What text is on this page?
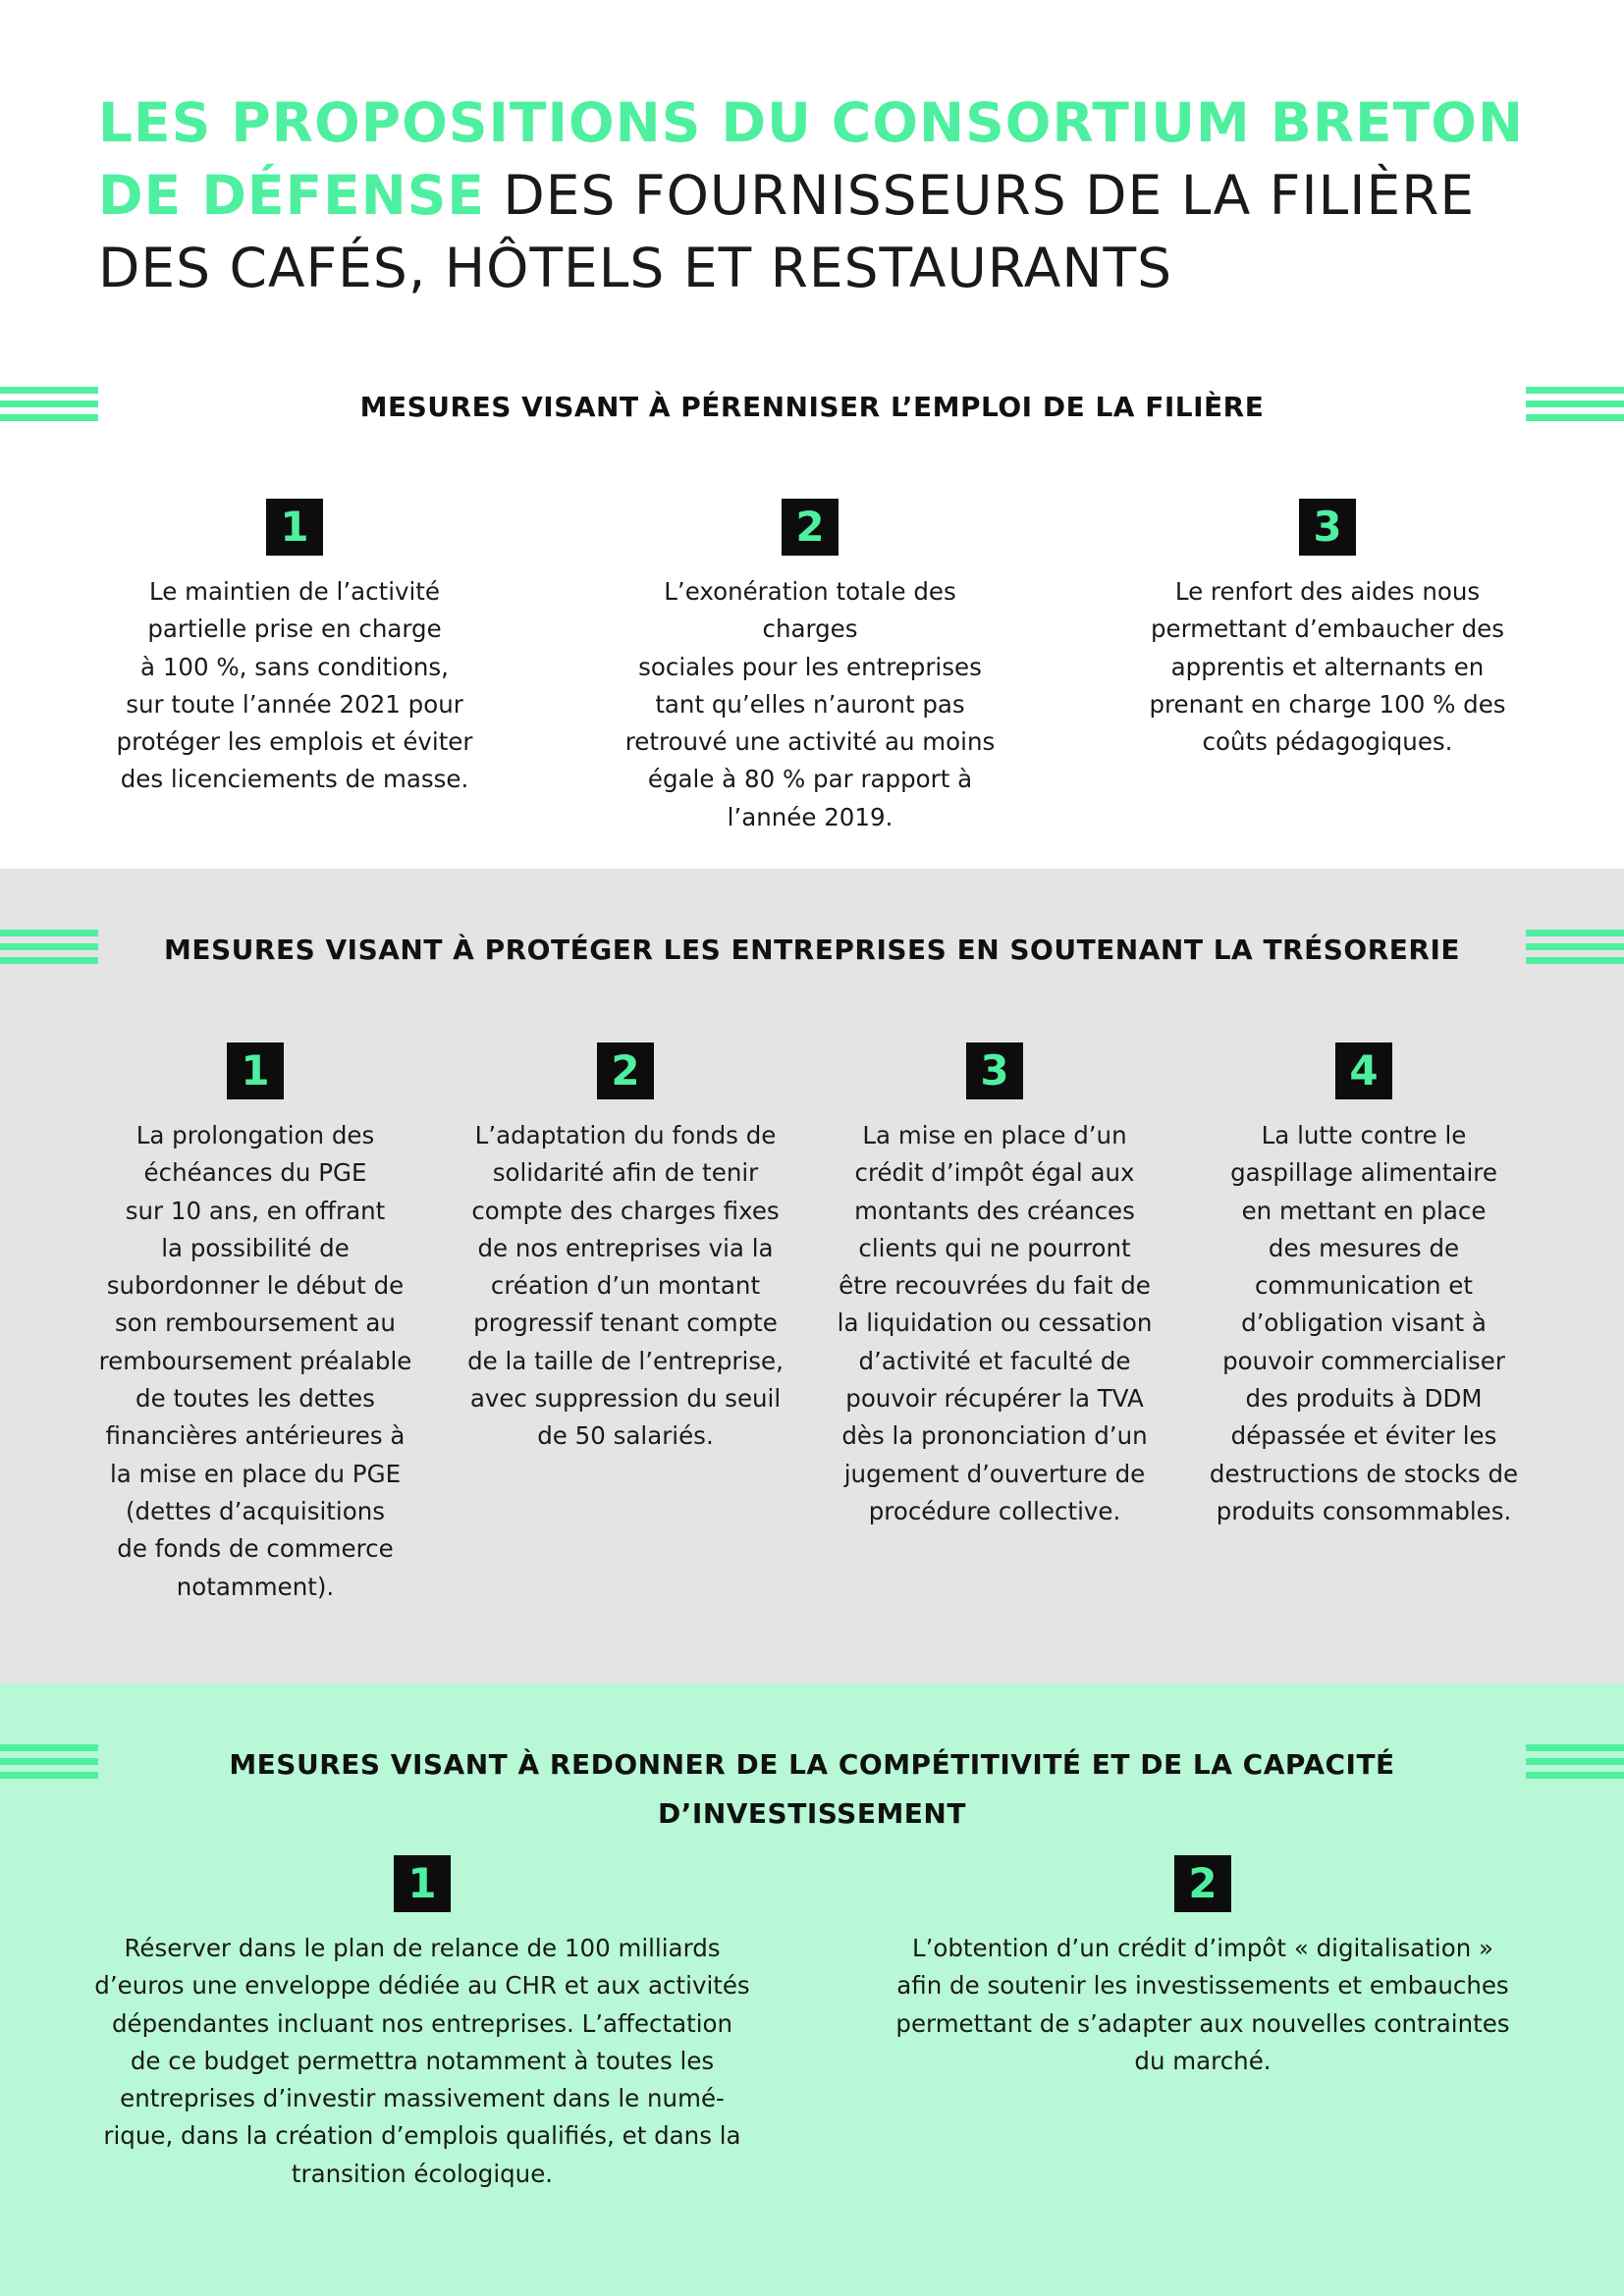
LES PROPOSITIONS DU CONSORTIUM BRETON DE DÉFENSE DES FOURNISSEURS DE LA FILIÈRE DES CAFÉS, HÔTELS ET RESTAURANTS
MESURES VISANT À PÉRENNISER L’EMPLOI DE LA FILIÈRE
1
Le maintien de l’activité
partielle prise en charge
à 100 %, sans conditions,
sur toute l’année 2021 pour
protéger les emplois et éviter
des licenciements de masse.
2
L’exonération totale des charges
sociales pour les entreprises
tant qu’elles n’auront pas
retrouvé une activité au moins
égale à 80 % par rapport à
l’année 2019.
3
Le renfort des aides nous
permettant d’embaucher des
apprentis et alternants en
prenant en charge 100 % des
coûts pédagogiques.
MESURES VISANT À PROTÉGER LES ENTREPRISES EN SOUTENANT LA TRÉSORERIE
1
La prolongation des
échéances du PGE
sur 10 ans, en offrant
la possibilité de
subordonner le début de
son remboursement au
remboursement préalable
de toutes les dettes
financières antérieures à
la mise en place du PGE
(dettes d’acquisitions
de fonds de commerce
notamment).
2
L’adaptation du fonds de
solidarité afin de tenir
compte des charges fixes
de nos entreprises via la
création d’un montant
progressif tenant compte
de la taille de l’entreprise,
avec suppression du seuil
de 50 salariés.
3
La mise en place d’un
crédit d’impôt égal aux
montants des créances
clients qui ne pourront
être recouvrées du fait de
la liquidation ou cessation
d’activité et faculté de
pouvoir récupérer la TVA
dès la prononciation d’un
jugement d’ouverture de
procédure collective.
4
La lutte contre le
gaspillage alimentaire
en mettant en place
des mesures de
communication et
d’obligation visant à
pouvoir commercialiser
des produits à DDM
dépassée et éviter les
destructions de stocks de
produits consommables.
MESURES VISANT À REDONNER DE LA COMPÉTITIVITÉ ET DE LA CAPACITÉ D’INVESTISSEMENT
1
Réserver dans le plan de relance de 100 milliards
d’euros une enveloppe dédiée au CHR et aux activités
dépendantes incluant nos entreprises. L’affectation
de ce budget permettra notamment à toutes les
entreprises d’investir massivement dans le numé-
rique, dans la création d’emplois qualifiés, et dans la
transition écologique.
2
L’obtention d’un crédit d’impôt « digitalisation »
afin de soutenir les investissements et embauches
permettant de s’adapter aux nouvelles contraintes
du marché.
